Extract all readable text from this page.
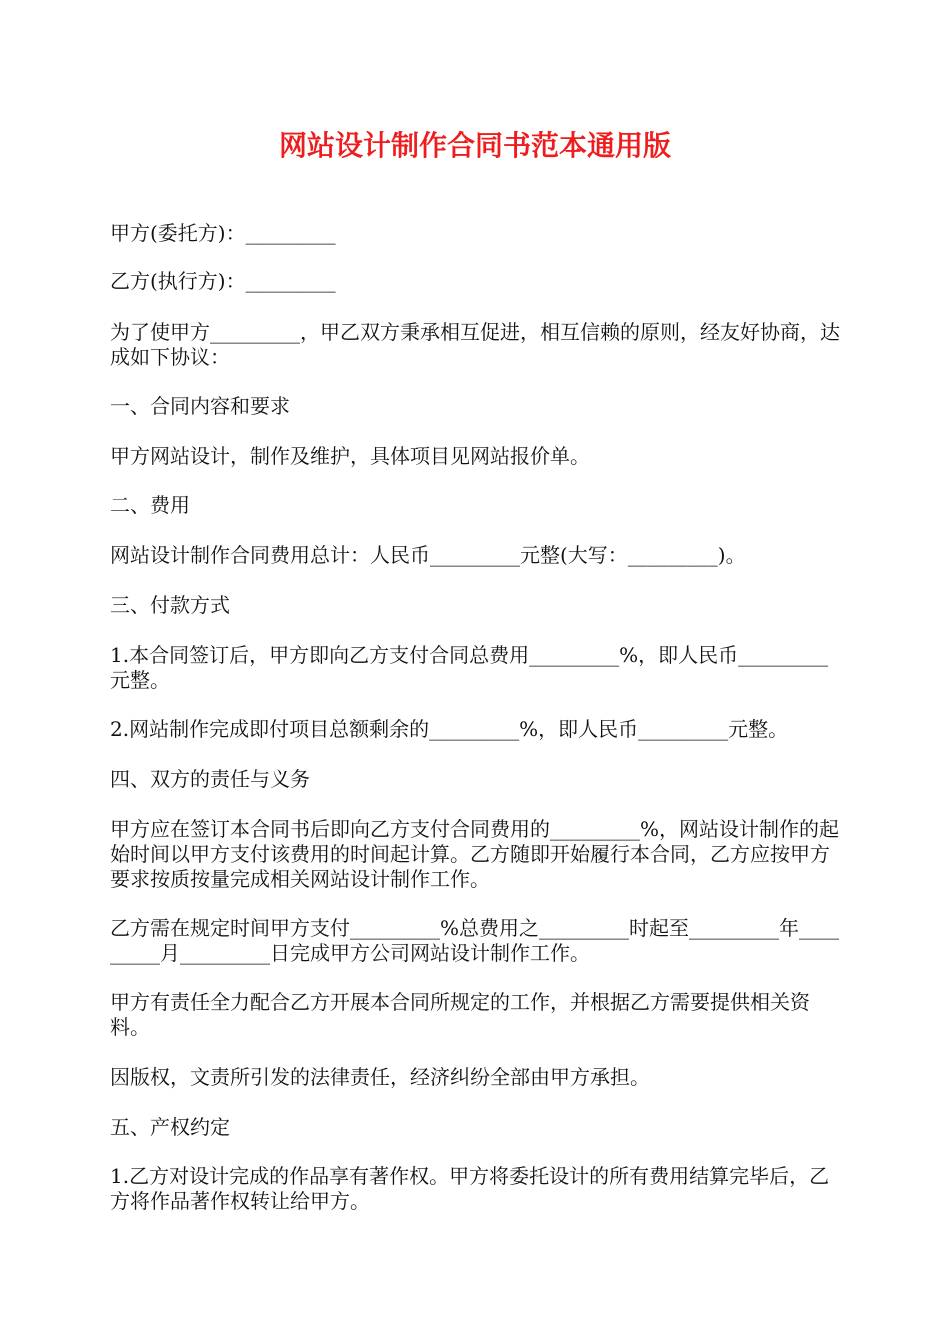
网站设计制作合同书范本通用版

甲方(委托方)：_________

乙方(执行方)：_________

为了使甲方_________，甲乙双方秉承相互促进，相互信赖的原则，经友好协商，达成如下协议：

一、合同内容和要求

甲方网站设计，制作及维护，具体项目见网站报价单。

二、费用

网站设计制作合同费用总计：人民币_________元整(大写：_________)。

三、付款方式

1.本合同签订后，甲方即向乙方支付合同总费用_________%，即人民币_________元整。

2.网站制作完成即付项目总额剩余的_________%，即人民币_________元整。

四、双方的责任与义务

甲方应在签订本合同书后即向乙方支付合同费用的_________%，网站设计制作的起始时间以甲方支付该费用的时间起计算。乙方随即开始履行本合同，乙方应按甲方要求按质按量完成相关网站设计制作工作。

乙方需在规定时间甲方支付_________%总费用之_________时起至_________年_________月_________日完成甲方公司网站设计制作工作。

甲方有责任全力配合乙方开展本合同所规定的工作，并根据乙方需要提供相关资料。

因版权，文责所引发的法律责任，经济纠纷全部由甲方承担。

五、产权约定

1.乙方对设计完成的作品享有著作权。甲方将委托设计的所有费用结算完毕后，乙方将作品著作权转让给甲方。
